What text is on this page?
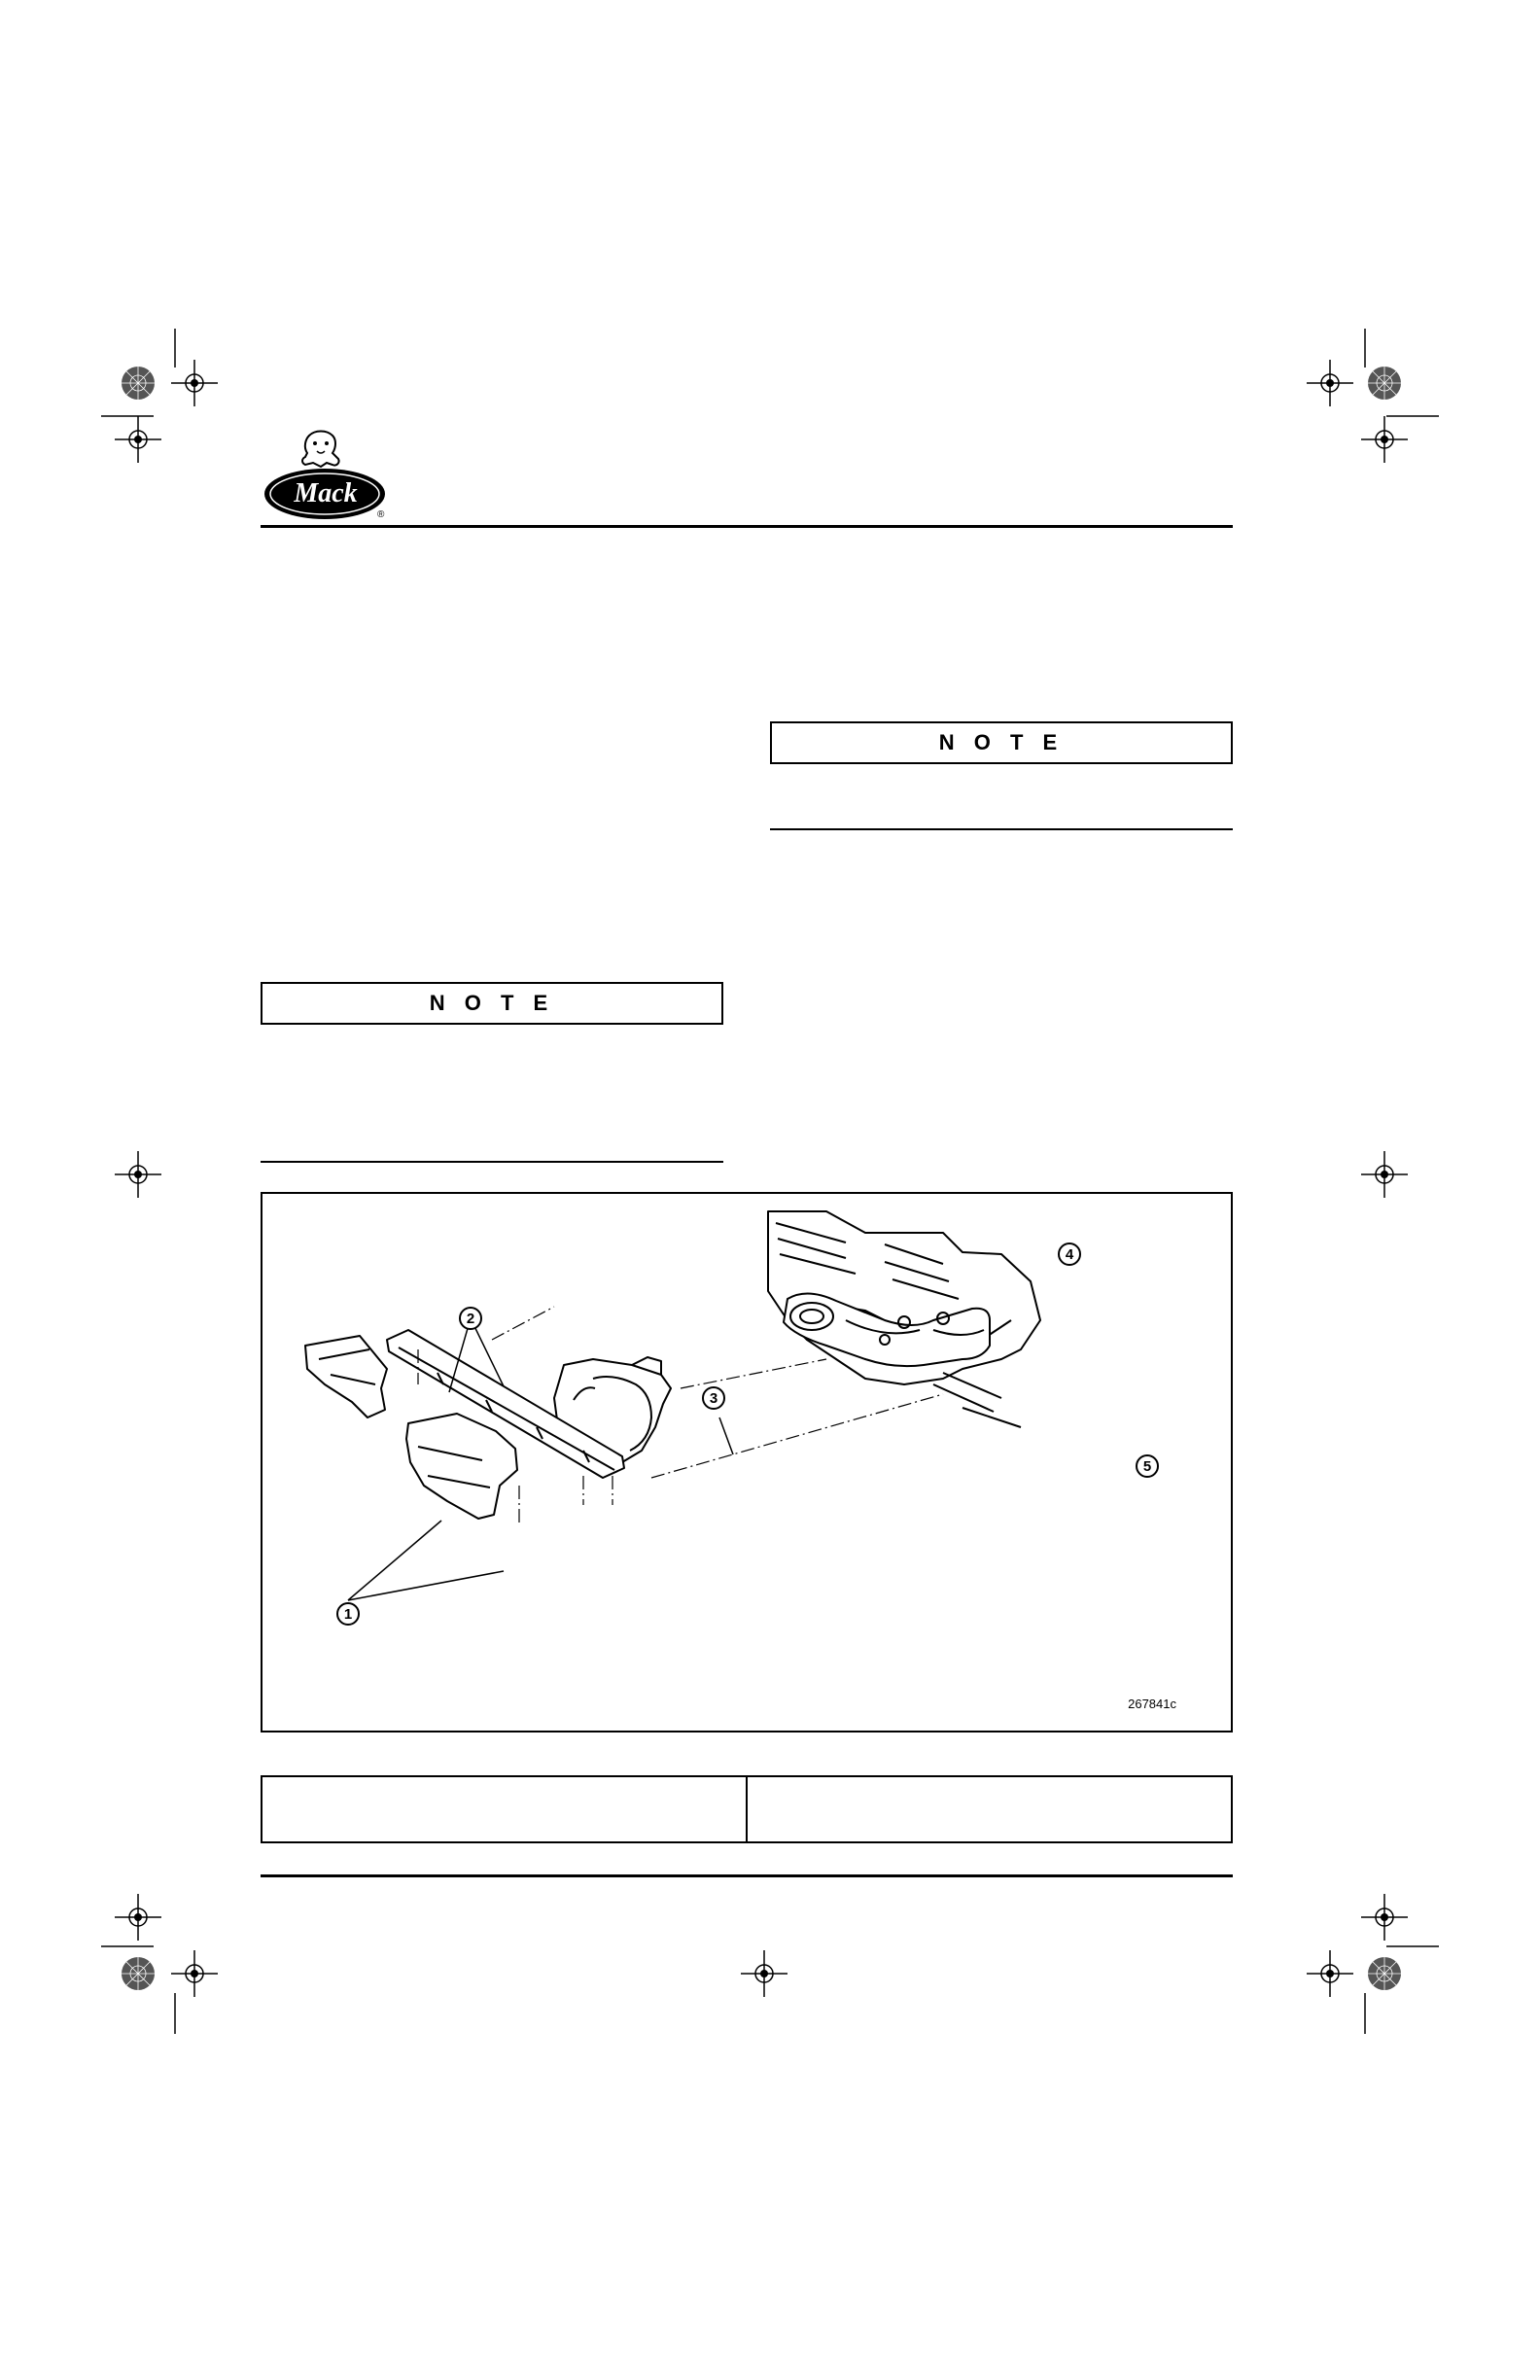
Mack
®
N O T E
N O T E
1
2
3
4
5
267841c
